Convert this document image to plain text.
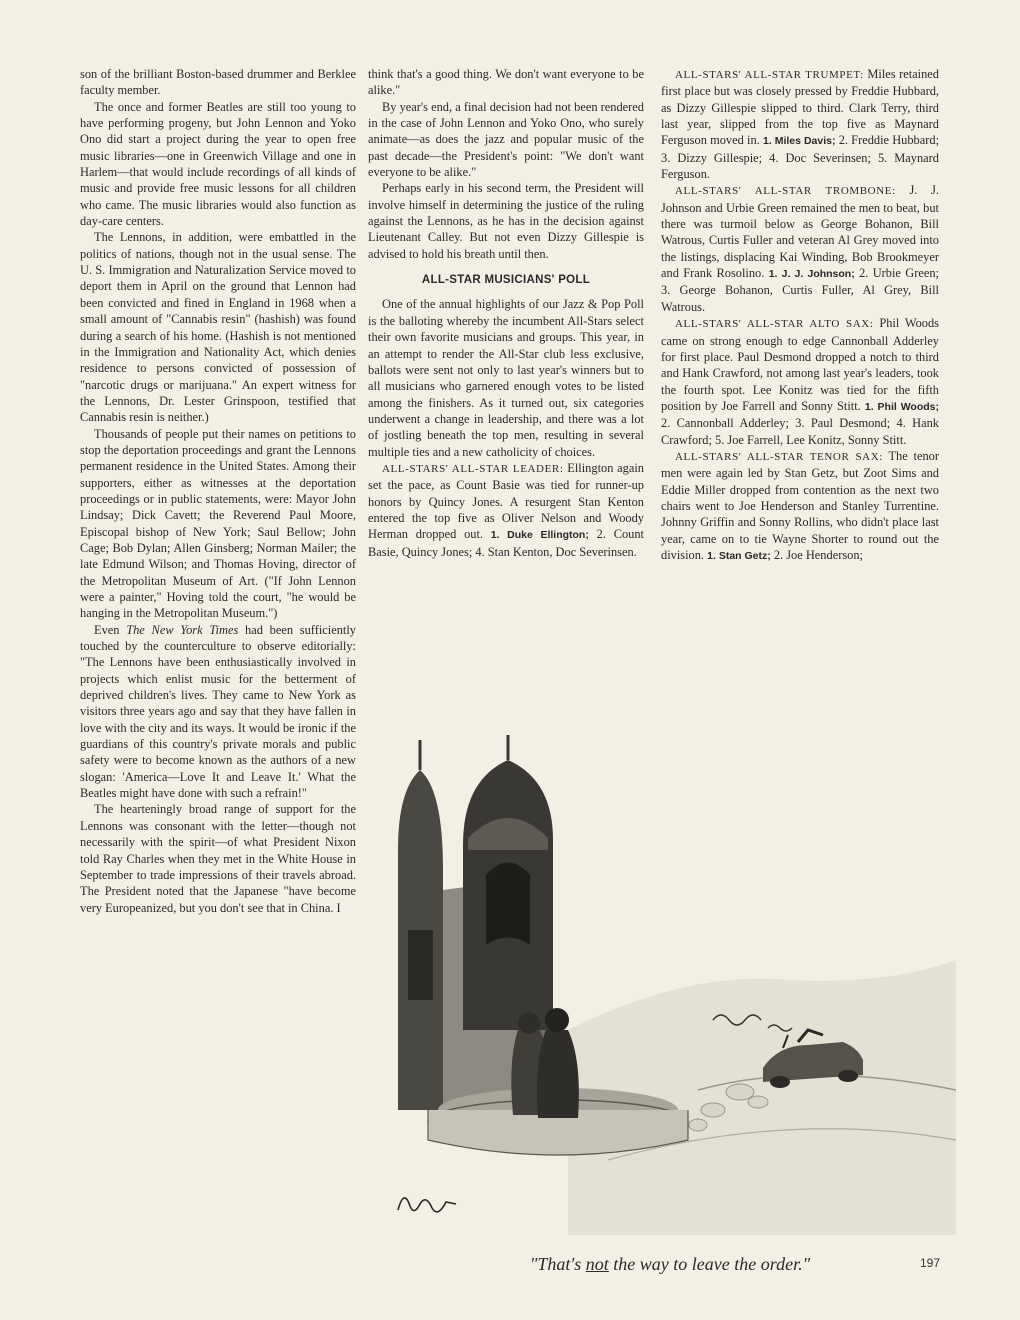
son of the brilliant Boston-based drummer and Berklee faculty member.

The once and former Beatles are still too young to have performing progeny, but John Lennon and Yoko Ono did start a project during the year to open free music libraries—one in Greenwich Village and one in Harlem—that would include recordings of all kinds of music and provide free music lessons for all children who came. The music libraries would also function as day-care centers.

The Lennons, in addition, were embattled in the politics of nations, though not in the usual sense. The U. S. Immigration and Naturalization Service moved to deport them in April on the ground that Lennon had been convicted and fined in England in 1968 when a small amount of "Cannabis resin" (hashish) was found during a search of his home. (Hashish is not mentioned in the Immigration and Nationality Act, which denies residence to persons convicted of possession of "narcotic drugs or marijuana." An expert witness for the Lennons, Dr. Lester Grinspoon, testified that Cannabis resin is neither.)

Thousands of people put their names on petitions to stop the deportation proceedings and grant the Lennons permanent residence in the United States. Among their supporters, either as witnesses at the deportation proceedings or in public statements, were: Mayor John Lindsay; Dick Cavett; the Reverend Paul Moore, Episcopal bishop of New York; Saul Bellow; John Cage; Bob Dylan; Allen Ginsberg; Norman Mailer; the late Edmund Wilson; and Thomas Hoving, director of the Metropolitan Museum of Art. ("If John Lennon were a painter," Hoving told the court, "he would be hanging in the Metropolitan Museum.")

Even The New York Times had been sufficiently touched by the counterculture to observe editorially: "The Lennons have been enthusiastically involved in projects which enlist music for the betterment of deprived children's lives. They came to New York as visitors three years ago and say that they have fallen in love with the city and its ways. It would be ironic if the guardians of this country's private morals and public safety were to become known as the authors of a new slogan: 'America—Love It and Leave It.' What the Beatles might have done with such a refrain!"

The hearteningly broad range of support for the Lennons was consonant with the letter—though not necessarily with the spirit—of what President Nixon told Ray Charles when they met in the White House in September to trade impressions of their travels abroad. The President noted that the Japanese "have become very Europeanized, but you don't see that in China. I

think that's a good thing. We don't want everyone to be alike."

By year's end, a final decision had not been rendered in the case of John Lennon and Yoko Ono, who surely animate—as does the jazz and popular music of the past decade—the President's point: "We don't want everyone to be alike."

Perhaps early in his second term, the President will involve himself in determining the justice of the ruling against the Lennons, as he has in the decision against Lieutenant Calley. But not even Dizzy Gillespie is advised to hold his breath until then.

ALL-STAR MUSICIANS' POLL

One of the annual highlights of our Jazz & Pop Poll is the balloting whereby the incumbent All-Stars select their own favorite musicians and groups. This year, in an attempt to render the All-Star club less exclusive, ballots were sent not only to last year's winners but to all musicians who garnered enough votes to be listed among the finishers. As it turned out, six categories underwent a change in leadership, and there was a lot of jostling beneath the top men, resulting in several multiple ties and a new catholicity of choices.

ALL-STARS' ALL-STAR LEADER: Ellington again set the pace, as Count Basie was tied for runner-up honors by Quincy Jones. A resurgent Stan Kenton entered the top five as Oliver Nelson and Woody Herman dropped out. 1. Duke Ellington; 2. Count Basie, Quincy Jones; 4. Stan Kenton, Doc Severinsen.

ALL-STARS' ALL-STAR TRUMPET: Miles retained first place but was closely pressed by Freddie Hubbard, as Dizzy Gillespie slipped to third. Clark Terry, third last year, slipped from the top five as Maynard Ferguson moved in. 1. Miles Davis; 2. Freddie Hubbard; 3. Dizzy Gillespie; 4. Doc Severinsen; 5. Maynard Ferguson.

ALL-STARS' ALL-STAR TROMBONE: J. J. Johnson and Urbie Green remained the men to beat, but there was turmoil below as George Bohanon, Bill Watrous, Curtis Fuller and veteran Al Grey moved into the listings, displacing Kai Winding, Bob Brookmeyer and Frank Rosolino. 1. J. J. Johnson; 2. Urbie Green; 3. George Bohanon, Curtis Fuller, Al Grey, Bill Watrous.

ALL-STARS' ALL-STAR ALTO SAX: Phil Woods came on strong enough to edge Cannonball Adderley for first place. Paul Desmond dropped a notch to third and Hank Crawford, not among last year's leaders, took the fourth spot. Lee Konitz was tied for the fifth position by Joe Farrell and Sonny Stitt. 1. Phil Woods; 2. Cannonball Adderley; 3. Paul Desmond; 4. Hank Crawford; 5. Joe Farrell, Lee Konitz, Sonny Stitt.

ALL-STARS' ALL-STAR TENOR SAX: The tenor men were again led by Stan Getz, but Zoot Sims and Eddie Miller dropped from contention as the next two chairs went to Joe Henderson and Stanley Turrentine. Johnny Griffin and Sonny Rollins, who didn't place last year, came on to tie Wayne Shorter to round out the division. 1. Stan Getz; 2. Joe Henderson;

"That's not the way to leave the order."	197
